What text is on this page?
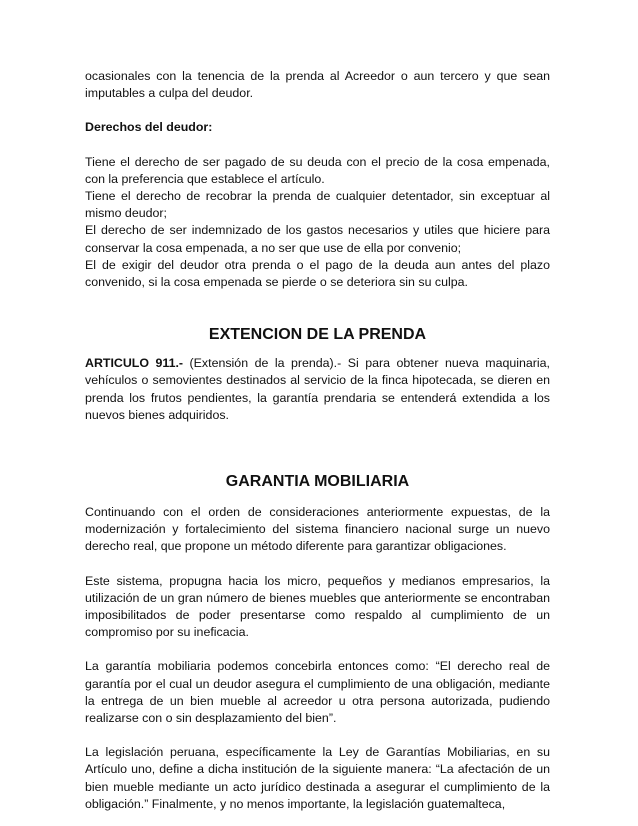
ocasionales con la tenencia de la prenda al Acreedor o aun tercero y que sean imputables a culpa del deudor.

Derechos del deudor:

Tiene el derecho de ser pagado de su deuda con el precio de la cosa empenada, con la preferencia que establece el artículo.

Tiene el derecho de recobrar la prenda de cualquier detentador, sin exceptuar al mismo deudor;

El derecho de ser indemnizado de los gastos necesarios y utiles que hiciere para conservar la cosa empenada, a no ser que use de ella por convenio;

El de exigir del deudor otra prenda o el pago de la deuda aun antes del plazo convenido, si la cosa empenada se pierde o se deteriora sin su culpa.

EXTENCION DE LA PRENDA

ARTICULO 911.- (Extensión de la prenda).- Si para obtener nueva maquinaria, vehículos o semovientes destinados al servicio de la finca hipotecada, se dieren en prenda los frutos pendientes, la garantía prendaria se entenderá extendida a los nuevos bienes adquiridos.

GARANTIA MOBILIARIA

Continuando con el orden de consideraciones anteriormente expuestas, de la modernización y fortalecimiento del sistema financiero nacional surge un nuevo derecho real, que propone un método diferente para garantizar obligaciones.

Este sistema, propugna hacia los micro, pequeños y medianos empresarios, la utilización de un gran número de bienes muebles que anteriormente se encontraban imposibilitados de poder presentarse como respaldo al cumplimiento de un compromiso por su ineficacia.

La garantía mobiliaria podemos concebirla entonces como: “El derecho real de garantía por el cual un deudor asegura el cumplimiento de una obligación, mediante la entrega de un bien mueble al acreedor u otra persona autorizada, pudiendo realizarse con o sin desplazamiento del bien”.

La legislación peruana, específicamente la Ley de Garantías Mobiliarias, en su Artículo uno, define a dicha institución de la siguiente manera: “La afectación de un bien mueble mediante un acto jurídico destinada a asegurar el cumplimiento de la obligación.” Finalmente, y no menos importante, la legislación guatemalteca,
